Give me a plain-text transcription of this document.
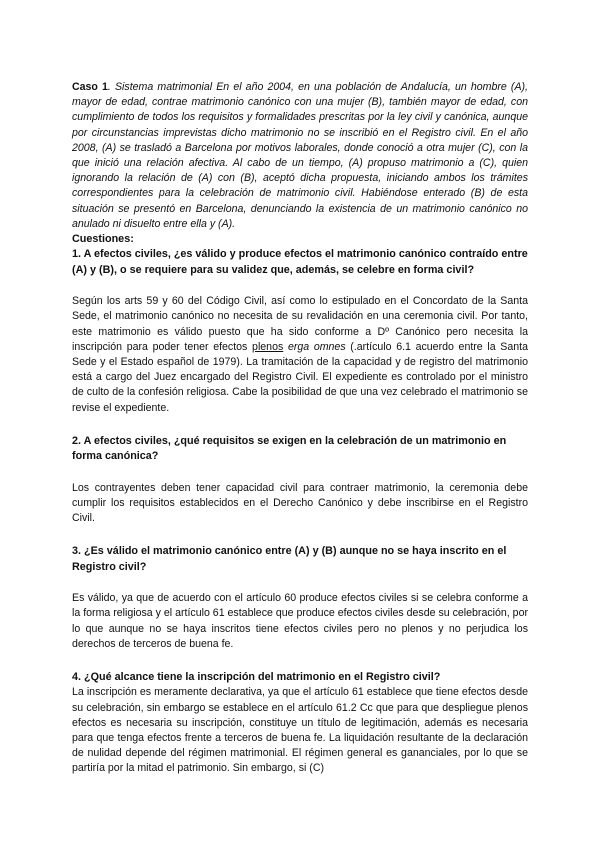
Caso 1. Sistema matrimonial En el año 2004, en una población de Andalucía, un hombre (A), mayor de edad, contrae matrimonio canónico con una mujer (B), también mayor de edad, con cumplimiento de todos los requisitos y formalidades prescritas por la ley civil y canónica, aunque por circunstancias imprevistas dicho matrimonio no se inscribió en el Registro civil. En el año 2008, (A) se trasladó a Barcelona por motivos laborales, donde conoció a otra mujer (C), con la que inició una relación afectiva. Al cabo de un tiempo, (A) propuso matrimonio a (C), quien ignorando la relación de (A) con (B), aceptó dicha propuesta, iniciando ambos los trámites correspondientes para la celebración de matrimonio civil. Habiéndose enterado (B) de esta situación se presentó en Barcelona, denunciando la existencia de un matrimonio canónico no anulado ni disuelto entre ella y (A).

Cuestiones:

1. A efectos civiles, ¿es válido y produce efectos el matrimonio canónico contraído entre (A) y (B), o se requiere para su validez que, además, se celebre en forma civil?

Según los arts 59 y 60 del Código Civil, así como lo estipulado en el Concordato de la Santa Sede, el matrimonio canónico no necesita de su revalidación en una ceremonia civil. Por tanto, este matrimonio es válido puesto que ha sido conforme a Dº Canónico pero necesita la inscripción para poder tener efectos plenos erga omnes (.artículo 6.1 acuerdo entre la Santa Sede y el Estado español de 1979). La tramitación de la capacidad y de registro del matrimonio está a cargo del Juez encargado del Registro Civil. El expediente es controlado por el ministro de culto de la confesión religiosa. Cabe la posibilidad de que una vez celebrado el matrimonio se revise el expediente.

2. A efectos civiles, ¿qué requisitos se exigen en la celebración de un matrimonio en forma canónica?

Los contrayentes deben tener capacidad civil para contraer matrimonio, la ceremonia debe cumplir los requisitos establecidos en el Derecho Canónico y debe inscribirse en el Registro Civil.

3. ¿Es válido el matrimonio canónico entre (A) y (B) aunque no se haya inscrito en el Registro civil?

Es válido, ya que de acuerdo con el artículo 60 produce efectos civiles si se celebra conforme a la forma religiosa y el artículo 61 establece que produce efectos civiles desde su celebración, por lo que aunque no se haya inscritos tiene efectos civiles pero no plenos y no perjudica los derechos de terceros de buena fe.

4. ¿Qué alcance tiene la inscripción del matrimonio en el Registro civil?

La inscripción es meramente declarativa, ya que el artículo 61 establece que tiene efectos desde su celebración, sin embargo se establece en el artículo 61.2 Cc que para que despliegue plenos efectos es necesaria su inscripción, constituye un título de legitimación, además es necesaria para que tenga efectos frente a terceros de buena fe. La liquidación resultante de la declaración de nulidad depende del régimen matrimonial. El régimen general es gananciales, por lo que se partiría por la mitad el patrimonio. Sin embargo, si (C)
